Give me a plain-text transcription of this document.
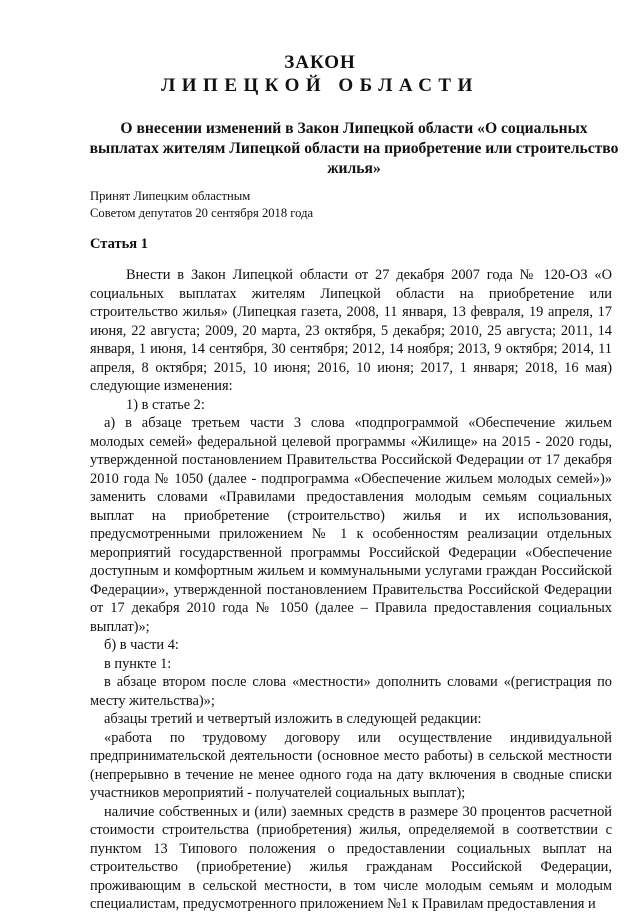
ЗАКОН
ЛИПЕЦКОЙ ОБЛАСТИ
О внесении изменений в Закон Липецкой области «О социальных выплатах жителям Липецкой области на приобретение или строительство жилья»
Принят Липецким областным
Советом депутатов 20 сентября 2018 года
Статья 1

Внести в Закон Липецкой области от 27 декабря 2007 года № 120-ОЗ «О социальных выплатах жителям Липецкой области на приобретение или строительство жилья» (Липецкая газета, 2008, 11 января, 13 февраля, 19 апреля, 17 июня, 22 августа; 2009, 20 марта, 23 октября, 5 декабря; 2010, 25 августа; 2011, 14 января, 1 июня, 14 сентября, 30 сентября; 2012, 14 ноября; 2013, 9 октября; 2014, 11 апреля, 8 октября; 2015, 10 июня; 2016, 10 июня; 2017, 1 января; 2018, 16 мая) следующие изменения:

1) в статье 2:

а) в абзаце третьем части 3 слова «подпрограммой «Обеспечение жильем молодых семей» федеральной целевой программы «Жилище» на 2015 - 2020 годы, утвержденной постановлением Правительства Российской Федерации от 17 декабря 2010 года № 1050 (далее - подпрограмма «Обеспечение жильем молодых семей»)» заменить словами «Правилами предоставления молодым семьям социальных выплат на приобретение (строительство) жилья и их использования, предусмотренными приложением № 1 к особенностям реализации отдельных мероприятий государственной программы Российской Федерации «Обеспечение доступным и комфортным жильем и коммунальными услугами граждан Российской Федерации», утвержденной постановлением Правительства Российской Федерации от 17 декабря 2010 года № 1050 (далее – Правила предоставления социальных выплат)»;

б) в части 4:

в пункте 1:

в абзаце втором после слова «местности» дополнить словами «(регистрация по месту жительства)»;

абзацы третий и четвертый изложить в следующей редакции:

«работа по трудовому договору или осуществление индивидуальной предпринимательской деятельности (основное место работы) в сельской местности (непрерывно в течение не менее одного года на дату включения в сводные списки участников мероприятий - получателей социальных выплат);

наличие собственных и (или) заемных средств в размере 30 процентов расчетной стоимости строительства (приобретения) жилья, определяемой в соответствии с пунктом 13 Типового положения о предоставлении социальных выплат на строительство (приобретение) жилья гражданам Российской Федерации, проживающим в сельской местности, в том числе молодым семьям и молодым специалистам, предусмотренного приложением №1 к Правилам предоставления и
